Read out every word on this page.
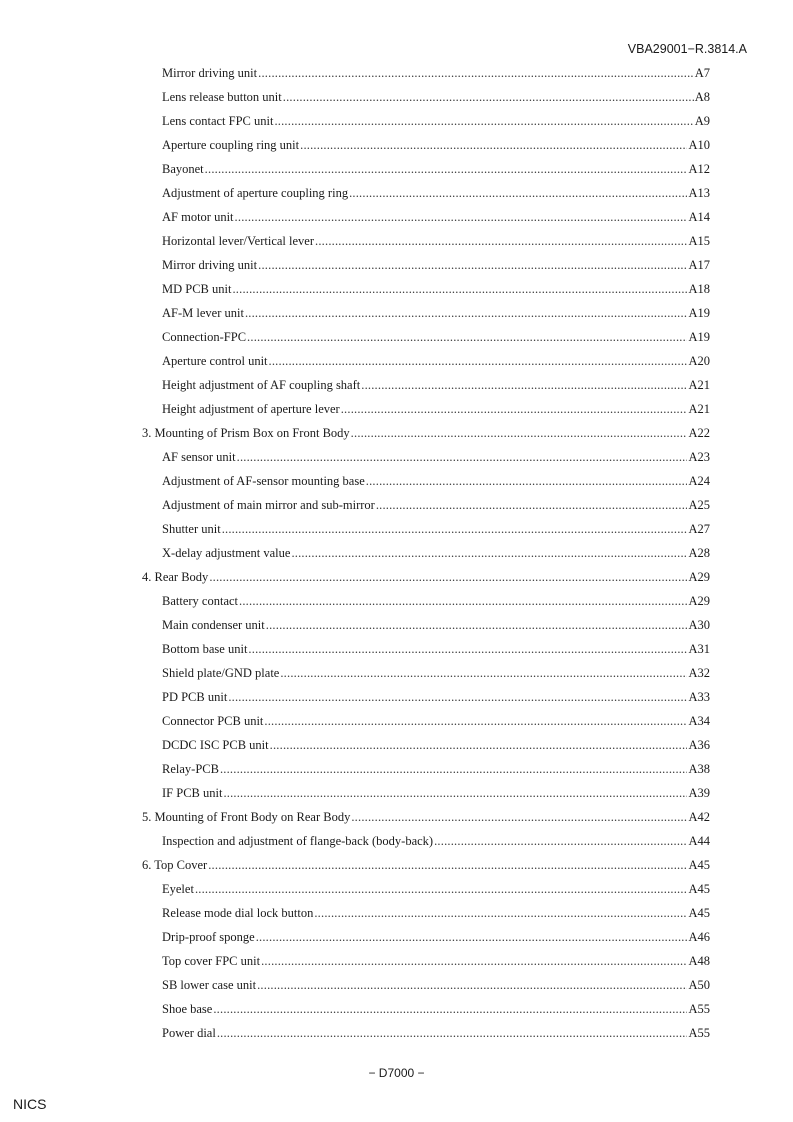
VBA29001−R.3814.A
Mirror driving unit .....	A7
Lens release button unit .....	A8
Lens contact FPC unit .....	A9
Aperture coupling ring unit .....	A10
Bayonet .....	A12
Adjustment of aperture coupling ring .....	A13
AF motor unit .....	A14
Horizontal lever/Vertical lever .....	A15
Mirror driving unit .....	A17
MD PCB unit .....	A18
AF-M lever unit .....	A19
Connection-FPC .....	A19
Aperture control unit .....	A20
Height adjustment of AF coupling shaft .....	A21
Height adjustment of aperture lever .....	A21
3. Mounting of Prism Box on Front Body .....	A22
AF sensor unit .....	A23
Adjustment of AF-sensor mounting base .....	A24
Adjustment of main mirror and sub-mirror .....	A25
Shutter unit .....	A27
X-delay adjustment value .....	A28
4. Rear Body .....	A29
Battery contact .....	A29
Main condenser unit .....	A30
Bottom base unit .....	A31
Shield plate/GND plate .....	A32
PD PCB unit .....	A33
Connector PCB unit .....	A34
DCDC ISC PCB unit .....	A36
Relay-PCB .....	A38
IF PCB unit .....	A39
5. Mounting of Front Body on Rear Body .....	A42
Inspection and adjustment of flange-back (body-back) .....	A44
6. Top Cover .....	A45
Eyelet .....	A45
Release mode dial lock button .....	A45
Drip-proof sponge .....	A46
Top cover FPC unit .....	A48
SB lower case unit .....	A50
Shoe base .....	A55
Power dial .....	A55
− D7000 −
NICS
